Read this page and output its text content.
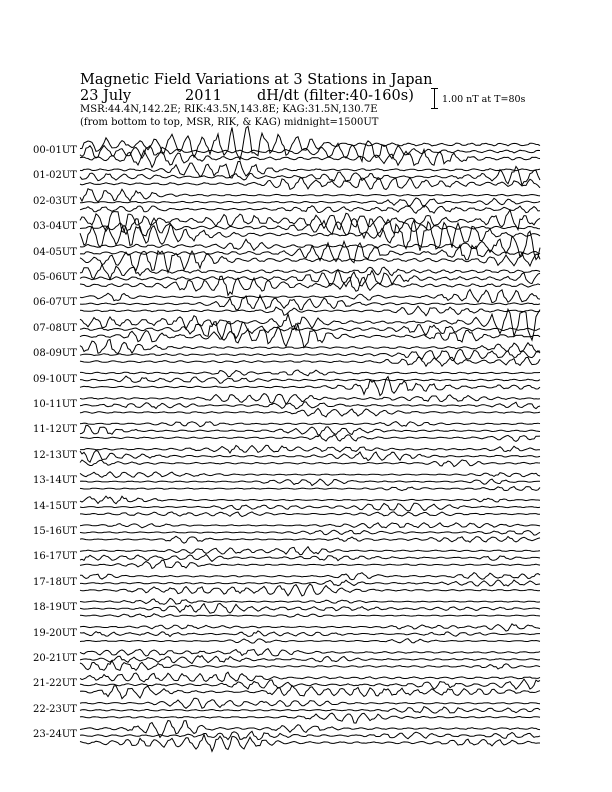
Magnetic Field Variations at 3 Stations in Japan
23 July	2011 dH/dt (filter:40-160s)
MSR:44.4N,142.2E; RIK:43.5N,143.8E; KAG:31.5N,130.7E
(from bottom to top, MSR, RIK, & KAG) midnight=1500UT
1.00 nT at T=80s
00-01UT
01-02UT
02-03UT
03-04UT
04-05UT
05-06UT
06-07UT
07-08UT
08-09UT
09-10UT
10-11UT
11-12UT
12-13UT
13-14UT
14-15UT
15-16UT
16-17UT
17-18UT
18-19UT
19-20UT
20-21UT
21-22UT
22-23UT
23-24UT
